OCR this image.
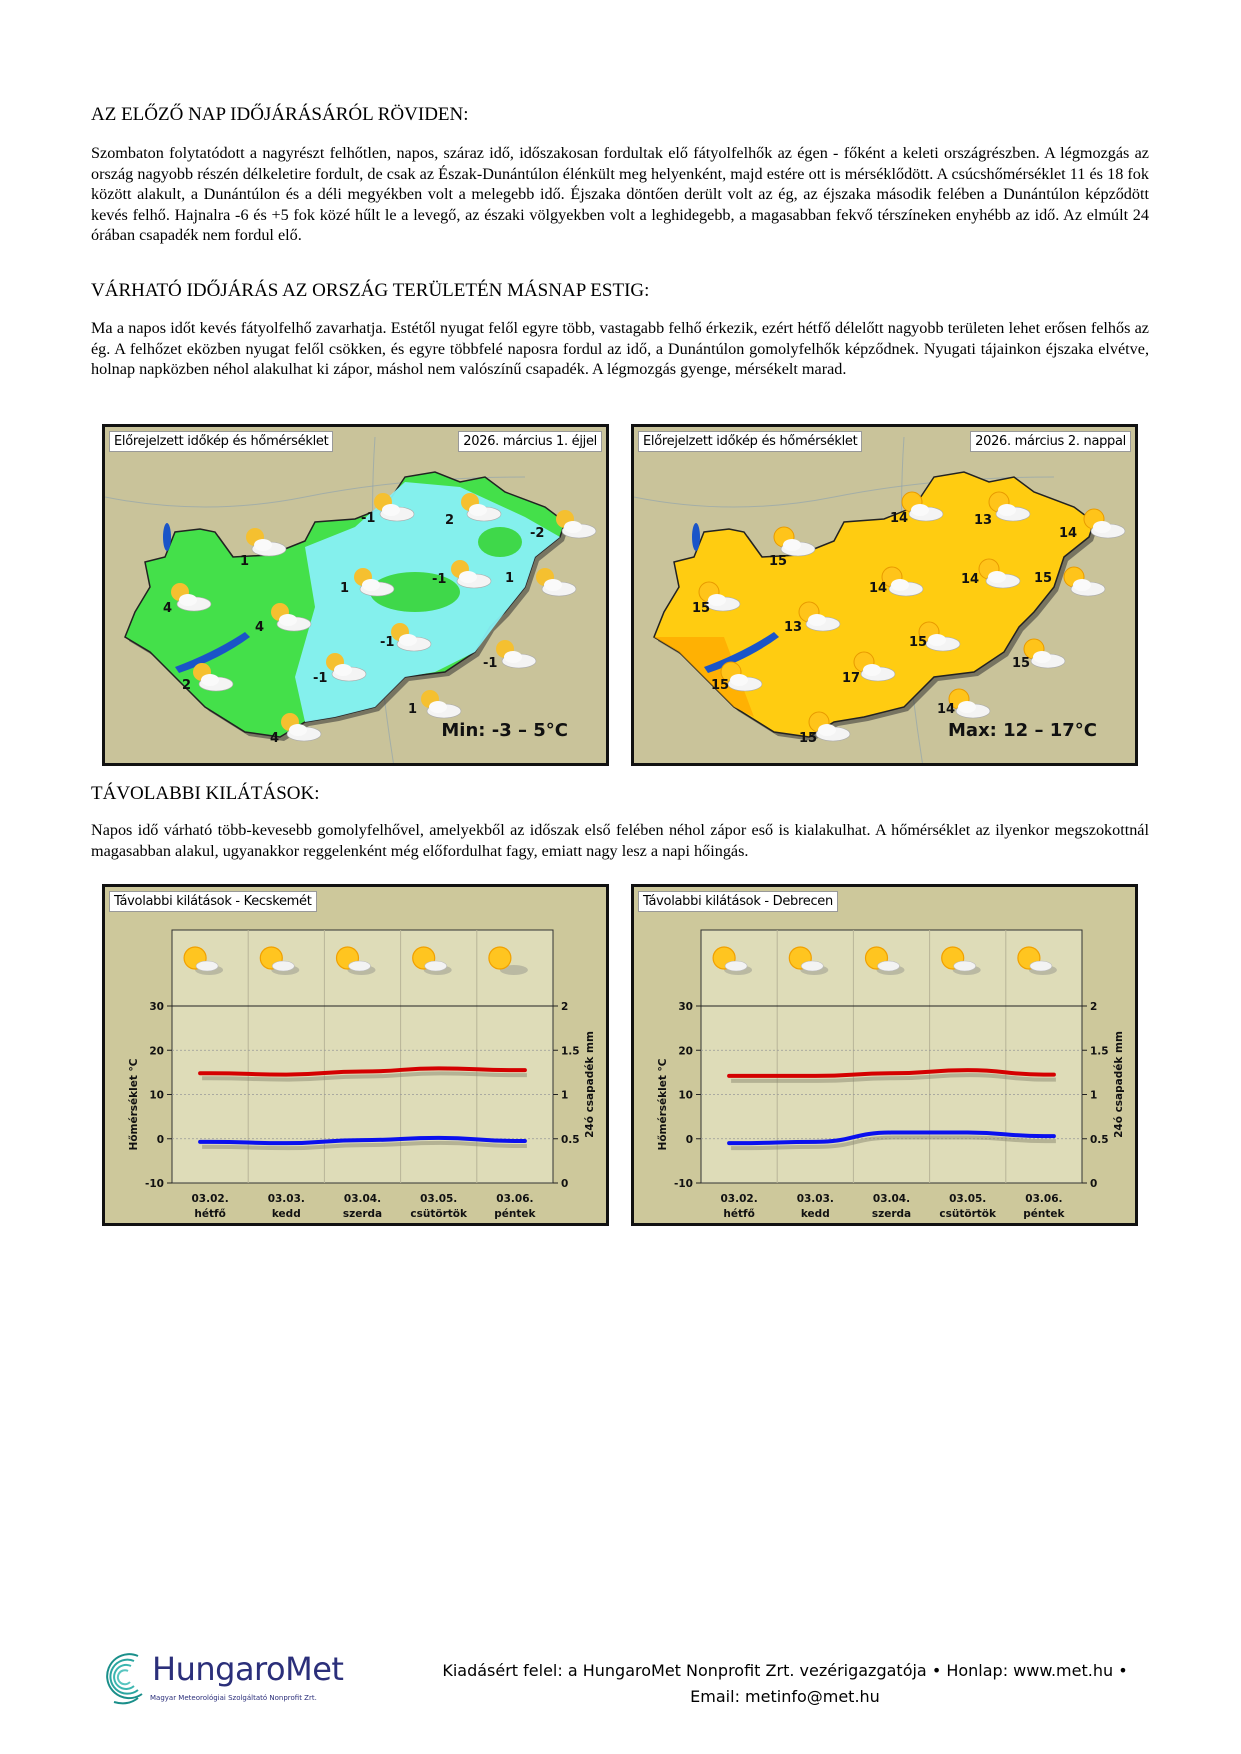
AZ ELŐZŐ NAP IDŐJÁRÁSÁRÓL RÖVIDEN:
Szombaton folytatódott a nagyrészt felhőtlen, napos, száraz idő, időszakosan fordultak elő fátyolfelhők az égen - főként a keleti országrészben. A légmozgás az ország nagyobb részén délkeletire fordult, de csak az Észak-Dunántúlon élénkült meg helyenként, majd estére ott is mérséklődött. A csúcshőmérséklet 11 és 18 fok között alakult, a Dunántúlon és a déli megyékben volt a melegebb idő. Éjszaka döntően derült volt az ég, az éjszaka második felében a Dunántúlon képződött kevés felhő. Hajnalra -6 és +5 fok közé hűlt le a levegő, az északi völgyekben volt a leghidegebb, a magasabban fekvő térszíneken enyhébb az idő. Az elmúlt 24 órában csapadék nem fordul elő.
VÁRHATÓ IDŐJÁRÁS AZ ORSZÁG TERÜLETÉN MÁSNAP ESTIG:
Ma a napos időt kevés fátyolfelhő zavarhatja. Estétől nyugat felől egyre több, vastagabb felhő érkezik, ezért hétfő délelőtt nagyobb területen lehet erősen felhős az ég. A felhőzet eközben nyugat felől csökken, és egyre többfelé naposra fordul az idő, a Dunántúlon gomolyfelhők képződnek. Nyugati tájainkon éjszaka elvétve, holnap napközben néhol alakulhat ki zápor, máshol nem valószínű csapadék. A légmozgás gyenge, mérsékelt marad.
-1	2
-2
1
1
-1
1
4
4
-1
-1
2
-1
1
4
Előrejelzett időkép és hőmérséklet	2026. március 1. éjjel
Min: -3 – 5°C
14	13
14
15
15
14
14
15
13
15
17
15
15
14
15
Előrejelzett időkép és hőmérséklet	2026. március 2. nappal
Max: 12 – 17°C
TÁVOLABBI KILÁTÁSOK:
Napos idő várható több-kevesebb gomolyfelhővel, amelyekből az időszak első felében néhol zápor eső is kialakulhat. A hőmérséklet az ilyenkor megszokottnál magasabban alakul, ugyanakkor reggelenként még előfordulhat fagy, emiatt nagy lesz a napi hőingás.
30	2
20	1.5
10	1
0	0.5
-10	0
Hőmérséklet °C	24ó csapadék mm
03.02.
hétfő
03.03.
kedd
03.04.
szerda
03.05.
csütörtök
03.06.
péntek
Távolabbi kilátások - Kecskemét
30	2
20	1.5
10	1
0	0.5
-10	0
Hőmérséklet °C	24ó csapadék mm
03.02.
hétfő
03.03.
kedd
03.04.
szerda
03.05.
csütörtök
03.06.
péntek
Távolabbi kilátások - Debrecen
HungaroMet
Magyar Meteorológiai Szolgáltató Nonprofit Zrt.
Kiadásért felel: a HungaroMet Nonprofit Zrt. vezérigazgatója • Honlap: www.met.hu •
Email: metinfo@met.hu
